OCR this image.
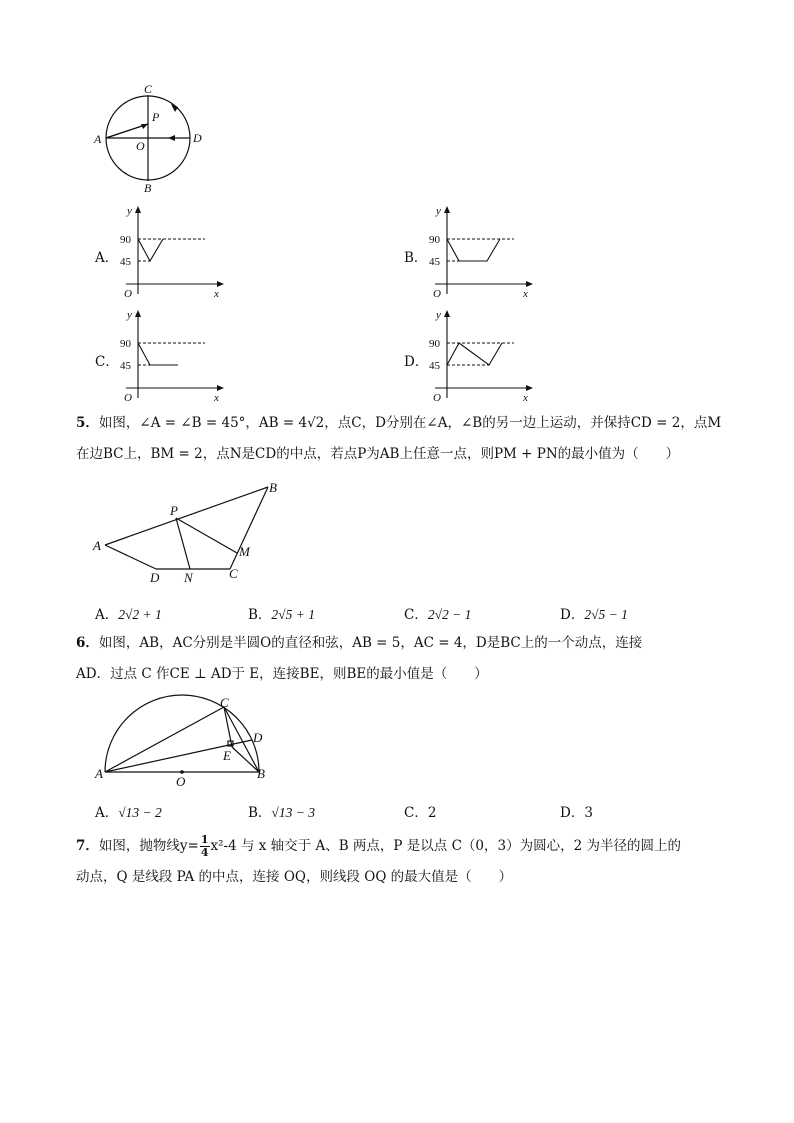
C
P
A	O
D
B
A．
y
90
45
O	x
B．
y
90
45
O	x
C．
y
90
45
O	x
D．
y
90
45
O	x
5．如图，∠A = ∠B = 45°，AB = 4√2，点C，D分别在∠A，∠B的另一边上运动，并保持CD = 2，点M
在边BC上，BM = 2，点N是CD的中点，若点P为AB上任意一点，则PM + PN的最小值为（　　）
A
B
P
M
D N	C
A．2√2 + 1	B．2√5 + 1	C．2√2 − 1	D．2√5 − 1
6．如图，AB，AC分别是半圆O的直径和弦，AB = 5，AC = 4，D是BC上的一个动点，连接
AD．过点 C 作CE ⊥ AD于 E，连接BE，则BE的最小值是（　　）
C
D
E
A	B
O
A．√13 − 2	B．√13 − 3	C．2	D．3
7． 如图，抛物线$y= \frac{1}{4} x^2-4$ 与 x 轴交于 A、B 两点，P 是以点 C（0，3）为圆心，2 为半径的圆上的
动点，Q 是线段 PA 的中点，连接 OQ，则线段 OQ 的最大值是（　　）
